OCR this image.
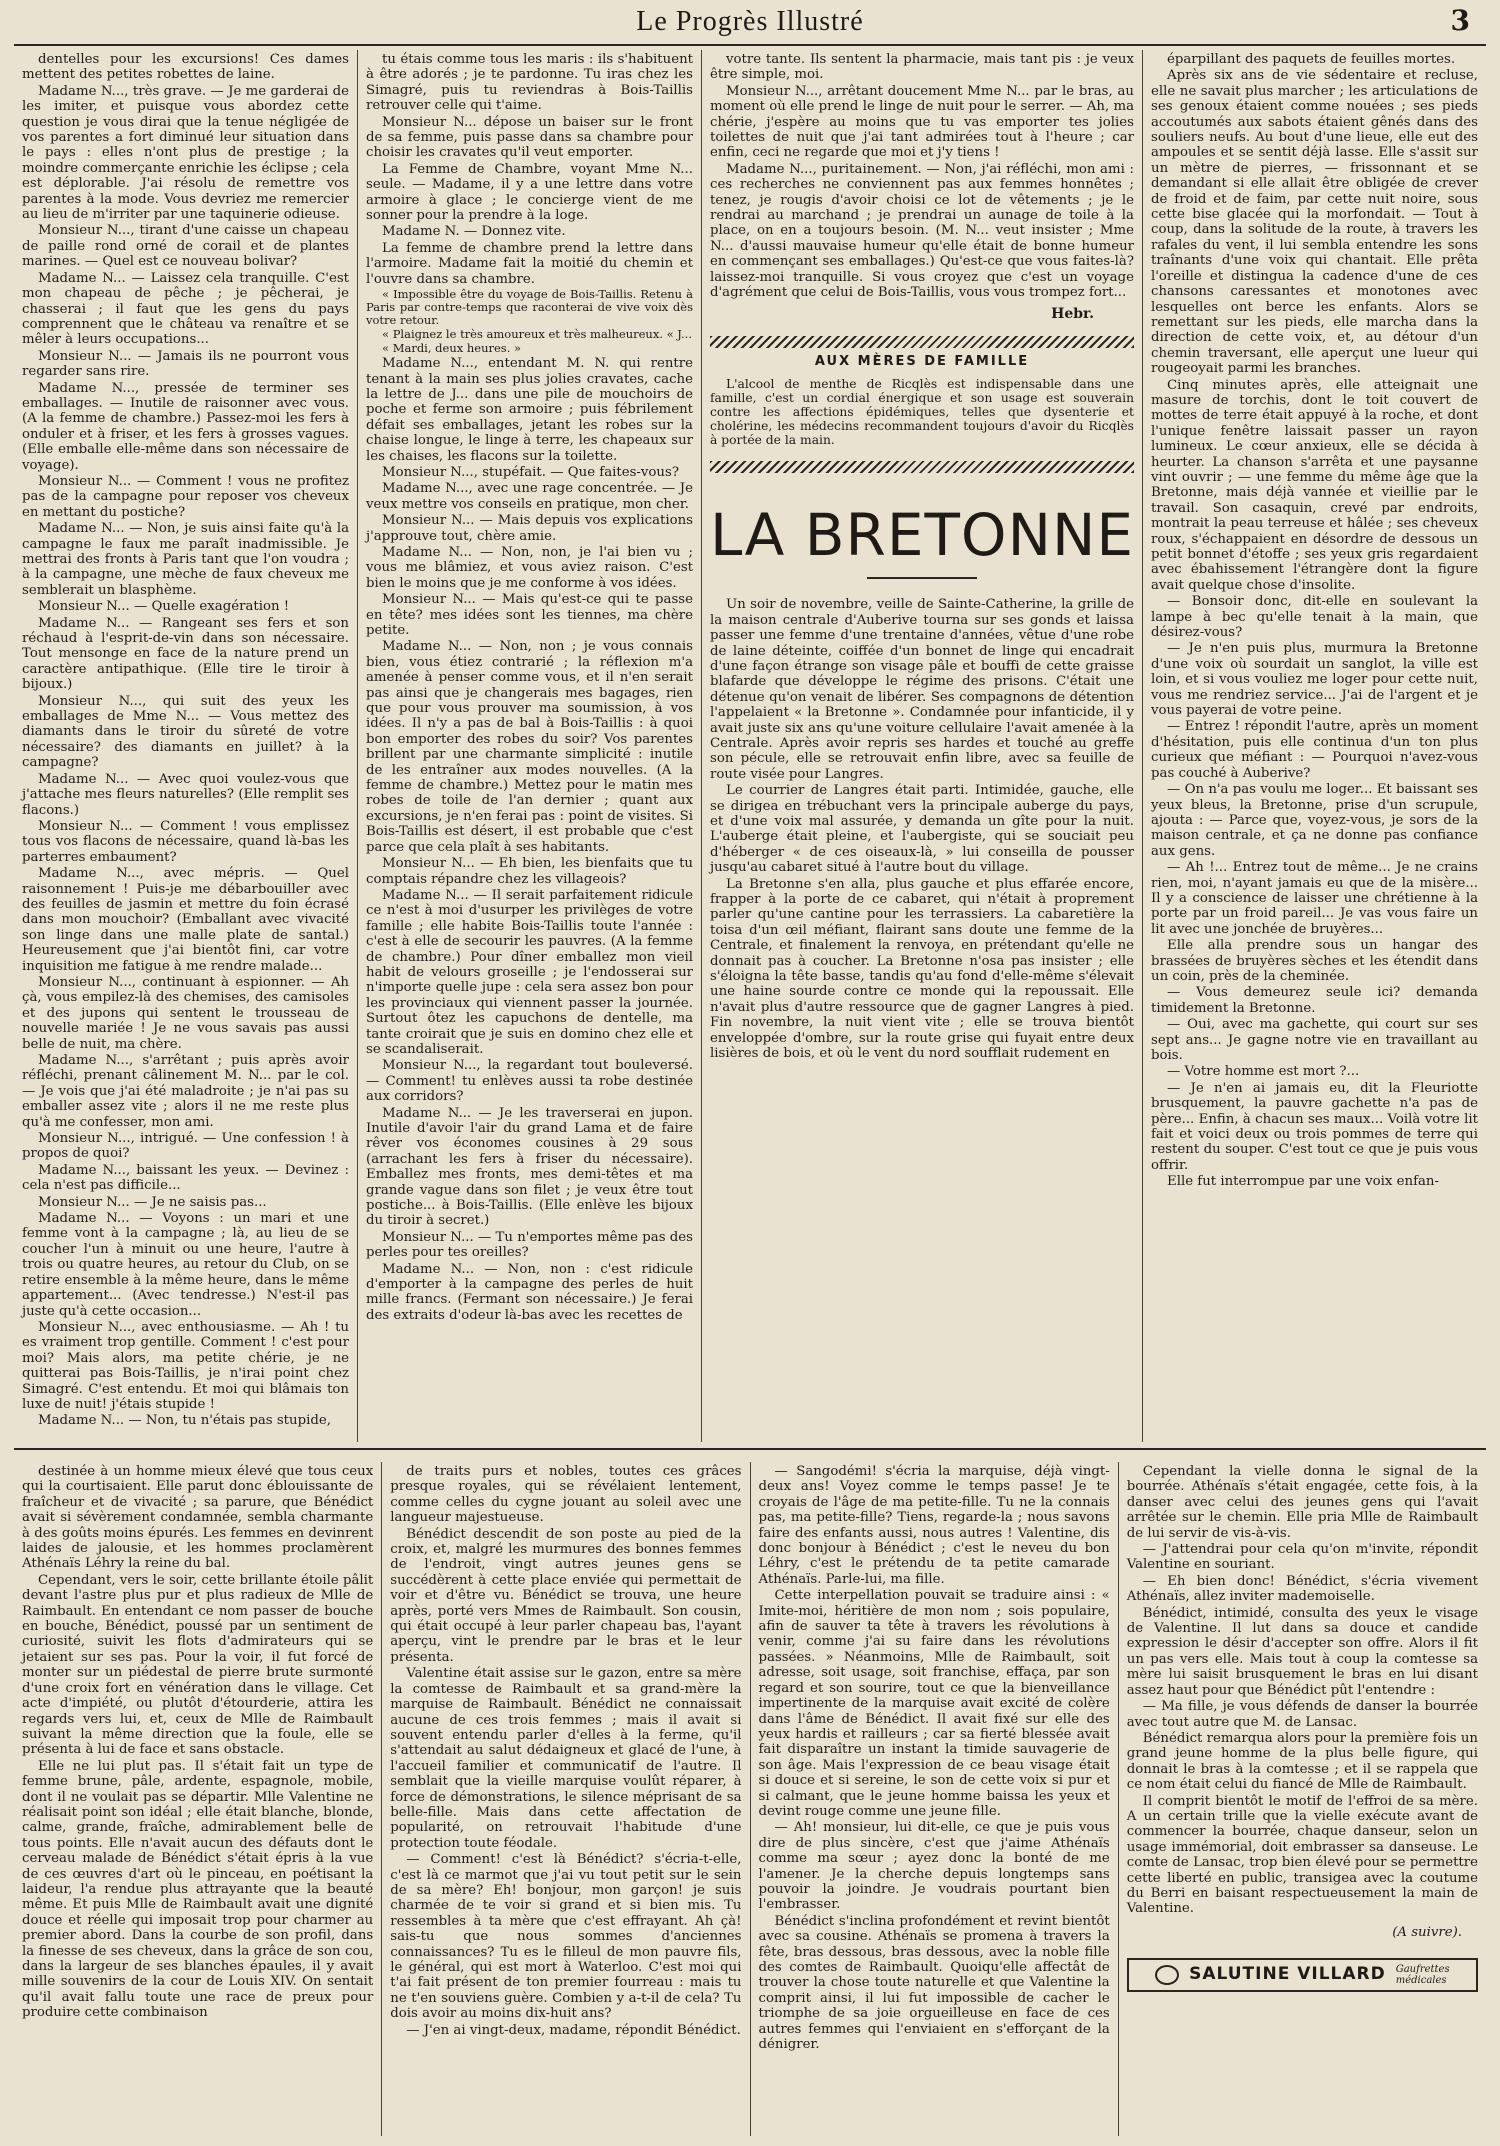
Le Progrès Illustré	3

dentelles pour les excursions! Ces dames mettent des petites robettes de laine.

Madame N..., très grave. — Je me garderai de les imiter, et puisque vous abordez cette question je vous dirai que la tenue négligée de vos parentes a fort diminué leur situation dans le pays : elles n'ont plus de prestige ; la moindre commerçante enrichie les éclipse ; cela est déplorable. J'ai résolu de remettre vos parentes à la mode. Vous devriez me remercier au lieu de m'irriter par une taquinerie odieuse.

Monsieur N..., tirant d'une caisse un chapeau de paille rond orné de corail et de plantes marines. — Quel est ce nouveau bolivar?

Madame N... — Laissez cela tranquille. C'est mon chapeau de pêche ; je pêcherai, je chasserai ; il faut que les gens du pays comprennent que le château va renaître et se mêler à leurs occupations...

Monsieur N... — Jamais ils ne pourront vous regarder sans rire.

Madame N..., pressée de terminer ses emballages. — Inutile de raisonner avec vous. (A la femme de chambre.) Passez-moi les fers à onduler et à friser, et les fers à grosses vagues. (Elle emballe elle-même dans son nécessaire de voyage).

Monsieur N... — Comment ! vous ne profitez pas de la campagne pour reposer vos cheveux en mettant du postiche?

Madame N... — Non, je suis ainsi faite qu'à la campagne le faux me paraît inadmissible. Je mettrai des fronts à Paris tant que l'on voudra ; à la campagne, une mèche de faux cheveux me semblerait un blasphème.

Monsieur N... — Quelle exagération !

Madame N... — Rangeant ses fers et son réchaud à l'esprit-de-vin dans son nécessaire. Tout mensonge en face de la nature prend un caractère antipathique. (Elle tire le tiroir à bijoux.)

Monsieur N..., qui suit des yeux les emballages de Mme N... — Vous mettez des diamants dans le tiroir du sûreté de votre nécessaire? des diamants en juillet? à la campagne?

Madame N... — Avec quoi voulez-vous que j'attache mes fleurs naturelles? (Elle remplit ses flacons.)

Monsieur N... — Comment ! vous emplissez tous vos flacons de nécessaire, quand là-bas les parterres embaument?

Madame N..., avec mépris. — Quel raisonnement ! Puis-je me débarbouiller avec des feuilles de jasmin et mettre du foin écrasé dans mon mouchoir? (Emballant avec vivacité son linge dans une malle plate de santal.) Heureusement que j'ai bientôt fini, car votre inquisition me fatigue à me rendre malade...

Monsieur N..., continuant à espionner. — Ah çà, vous empilez-là des chemises, des camisoles et des jupons qui sentent le trousseau de nouvelle mariée ! Je ne vous savais pas aussi belle de nuit, ma chère.

Madame N..., s'arrêtant ; puis après avoir réfléchi, prenant câlinement M. N... par le col. — Je vois que j'ai été maladroite ; je n'ai pas su emballer assez vite ; alors il ne me reste plus qu'à me confesser, mon ami.

Monsieur N..., intrigué. — Une confession ! à propos de quoi?

Madame N..., baissant les yeux. — Devinez : cela n'est pas difficile...

Monsieur N... — Je ne saisis pas...

Madame N... — Voyons : un mari et une femme vont à la campagne ; là, au lieu de se coucher l'un à minuit ou une heure, l'autre à trois ou quatre heures, au retour du Club, on se retire ensemble à la même heure, dans le même appartement... (Avec tendresse.) N'est-il pas juste qu'à cette occasion...

Monsieur N..., avec enthousiasme. — Ah ! tu es vraiment trop gentille. Comment ! c'est pour moi? Mais alors, ma petite chérie, je ne quitterai pas Bois-Taillis, je n'irai point chez Simagré. C'est entendu. Et moi qui blâmais ton luxe de nuit! j'étais stupide !

Madame N... — Non, tu n'étais pas stupide,

tu étais comme tous les maris : ils s'habituent à être adorés ; je te pardonne. Tu iras chez les Simagré, puis tu reviendras à Bois-Taillis retrouver celle qui t'aime.

Monsieur N... dépose un baiser sur le front de sa femme, puis passe dans sa chambre pour choisir les cravates qu'il veut emporter.

La Femme de Chambre, voyant Mme N... seule. — Madame, il y a une lettre dans votre armoire à glace ; le concierge vient de me sonner pour la prendre à la loge.

Madame N. — Donnez vite.

La femme de chambre prend la lettre dans l'armoire. Madame fait la moitié du chemin et l'ouvre dans sa chambre.

« Impossible être du voyage de Bois-Taillis. Retenu à Paris par contre-temps que raconterai de vive voix dès votre retour.

« Plaignez le très amoureux et très malheureux. « J...

« Mardi, deux heures. »

Madame N..., entendant M. N. qui rentre tenant à la main ses plus jolies cravates, cache la lettre de J... dans une pile de mouchoirs de poche et ferme son armoire ; puis fébrilement défait ses emballages, jetant les robes sur la chaise longue, le linge à terre, les chapeaux sur les chaises, les flacons sur la toilette.

Monsieur N..., stupéfait. — Que faites-vous?

Madame N..., avec une rage concentrée. — Je veux mettre vos conseils en pratique, mon cher.

Monsieur N... — Mais depuis vos explications j'approuve tout, chère amie.

Madame N... — Non, non, je l'ai bien vu ; vous me blâmiez, et vous aviez raison. C'est bien le moins que je me conforme à vos idées.

Monsieur N... — Mais qu'est-ce qui te passe en tête? mes idées sont les tiennes, ma chère petite.

Madame N... — Non, non ; je vous connais bien, vous étiez contrarié ; la réflexion m'a amenée à penser comme vous, et il n'en serait pas ainsi que je changerais mes bagages, rien que pour vous prouver ma soumission, à vos idées. Il n'y a pas de bal à Bois-Taillis : à quoi bon emporter des robes du soir? Vos parentes brillent par une charmante simplicité : inutile de les entraîner aux modes nouvelles. (A la femme de chambre.) Mettez pour le matin mes robes de toile de l'an dernier ; quant aux excursions, je n'en ferai pas : point de visites. Si Bois-Taillis est désert, il est probable que c'est parce que cela plaît à ses habitants.

Monsieur N... — Eh bien, les bienfaits que tu comptais répandre chez les villageois?

Madame N... — Il serait parfaitement ridicule ce n'est à moi d'usurper les privilèges de votre famille ; elle habite Bois-Taillis toute l'année : c'est à elle de secourir les pauvres. (A la femme de chambre.) Pour dîner emballez mon vieil habit de velours groseille ; je l'endosserai sur n'importe quelle jupe : cela sera assez bon pour les provinciaux qui viennent passer la journée. Surtout ôtez les capuchons de dentelle, ma tante croirait que je suis en domino chez elle et se scandaliserait.

Monsieur N..., la regardant tout bouleversé. — Comment! tu enlèves aussi ta robe destinée aux corridors?

Madame N... — Je les traverserai en jupon. Inutile d'avoir l'air du grand Lama et de faire rêver vos économes cousines à 29 sous (arrachant les fers à friser du nécessaire). Emballez mes fronts, mes demi-têtes et ma grande vague dans son filet ; je veux être tout postiche... à Bois-Taillis. (Elle enlève les bijoux du tiroir à secret.)

Monsieur N... — Tu n'emportes même pas des perles pour tes oreilles?

Madame N... — Non, non : c'est ridicule d'emporter à la campagne des perles de huit mille francs. (Fermant son nécessaire.) Je ferai des extraits d'odeur là-bas avec les recettes de

votre tante. Ils sentent la pharmacie, mais tant pis : je veux être simple, moi.

Monsieur N..., arrêtant doucement Mme N... par le bras, au moment où elle prend le linge de nuit pour le serrer. — Ah, ma chérie, j'espère au moins que tu vas emporter tes jolies toilettes de nuit que j'ai tant admirées tout à l'heure ; car enfin, ceci ne regarde que moi et j'y tiens !

Madame N..., puritainement. — Non, j'ai réfléchi, mon ami : ces recherches ne conviennent pas aux femmes honnêtes ; tenez, je rougis d'avoir choisi ce lot de vêtements ; je le rendrai au marchand ; je prendrai un aunage de toile à la place, on en a toujours besoin. (M. N... veut insister ; Mme N... d'aussi mauvaise humeur qu'elle était de bonne humeur en commençant ses emballages.) Qu'est-ce que vous faites-là? laissez-moi tranquille. Si vous croyez que c'est un voyage d'agrément que celui de Bois-Taillis, vous vous trompez fort...

Hebr.
AUX MÈRES DE FAMILLE

L'alcool de menthe de Ricqlès est indispensable dans une famille, c'est un cordial énergique et son usage est souverain contre les affections épidémiques, telles que dysenterie et cholérine, les médecins recommandent toujours d'avoir du Ricqlès à portée de la main.

LA BRETONNE

Un soir de novembre, veille de Sainte-Catherine, la grille de la maison centrale d'Auberive tourna sur ses gonds et laissa passer une femme d'une trentaine d'années, vêtue d'une robe de laine déteinte, coiffée d'un bonnet de linge qui encadrait d'une façon étrange son visage pâle et bouffi de cette graisse blafarde que développe le régime des prisons. C'était une détenue qu'on venait de libérer. Ses compagnons de détention l'appelaient « la Bretonne ». Condamnée pour infanticide, il y avait juste six ans qu'une voiture cellulaire l'avait amenée à la Centrale. Après avoir repris ses hardes et touché au greffe son pécule, elle se retrouvait enfin libre, avec sa feuille de route visée pour Langres.

Le courrier de Langres était parti. Intimidée, gauche, elle se dirigea en trébuchant vers la principale auberge du pays, et d'une voix mal assurée, y demanda un gîte pour la nuit. L'auberge était pleine, et l'aubergiste, qui se souciait peu d'héberger « de ces oiseaux-là, » lui conseilla de pousser jusqu'au cabaret situé à l'autre bout du village.

La Bretonne s'en alla, plus gauche et plus effarée encore, frapper à la porte de ce cabaret, qui n'était à proprement parler qu'une cantine pour les terrassiers. La cabaretière la toisa d'un œil méfiant, flairant sans doute une femme de la Centrale, et finalement la renvoya, en prétendant qu'elle ne donnait pas à coucher. La Bretonne n'osa pas insister ; elle s'éloigna la tête basse, tandis qu'au fond d'elle-même s'élevait une haine sourde contre ce monde qui la repoussait. Elle n'avait plus d'autre ressource que de gagner Langres à pied. Fin novembre, la nuit vient vite ; elle se trouva bientôt enveloppée d'ombre, sur la route grise qui fuyait entre deux lisières de bois, et où le vent du nord soufflait rudement en

éparpillant des paquets de feuilles mortes.

Après six ans de vie sédentaire et recluse, elle ne savait plus marcher ; les articulations de ses genoux étaient comme nouées ; ses pieds accoutumés aux sabots étaient gênés dans des souliers neufs. Au bout d'une lieue, elle eut des ampoules et se sentit déjà lasse. Elle s'assit sur un mètre de pierres, — frissonnant et se demandant si elle allait être obligée de crever de froid et de faim, par cette nuit noire, sous cette bise glacée qui la morfondait. — Tout à coup, dans la solitude de la route, à travers les rafales du vent, il lui sembla entendre les sons traînants d'une voix qui chantait. Elle prêta l'oreille et distingua la cadence d'une de ces chansons caressantes et monotones avec lesquelles ont berce les enfants. Alors se remettant sur les pieds, elle marcha dans la direction de cette voix, et, au détour d'un chemin traversant, elle aperçut une lueur qui rougeoyait parmi les branches.

Cinq minutes après, elle atteignait une masure de torchis, dont le toit couvert de mottes de terre était appuyé à la roche, et dont l'unique fenêtre laissait passer un rayon lumineux. Le cœur anxieux, elle se décida à heurter. La chanson s'arrêta et une paysanne vint ouvrir ; — une femme du même âge que la Bretonne, mais déjà vannée et vieillie par le travail. Son casaquin, crevé par endroits, montrait la peau terreuse et hâlée ; ses cheveux roux, s'échappaient en désordre de dessous un petit bonnet d'étoffe ; ses yeux gris regardaient avec ébahissement l'étrangère dont la figure avait quelque chose d'insolite.

— Bonsoir donc, dit-elle en soulevant la lampe à bec qu'elle tenait à la main, que désirez-vous?

— Je n'en puis plus, murmura la Bretonne d'une voix où sourdait un sanglot, la ville est loin, et si vous vouliez me loger pour cette nuit, vous me rendriez service... J'ai de l'argent et je vous payerai de votre peine.

— Entrez ! répondit l'autre, après un moment d'hésitation, puis elle continua d'un ton plus curieux que méfiant : — Pourquoi n'avez-vous pas couché à Auberive?

— On n'a pas voulu me loger... Et baissant ses yeux bleus, la Bretonne, prise d'un scrupule, ajouta : — Parce que, voyez-vous, je sors de la maison centrale, et ça ne donne pas confiance aux gens.

— Ah !... Entrez tout de même... Je ne crains rien, moi, n'ayant jamais eu que de la misère... Il y a conscience de laisser une chrétienne à la porte par un froid pareil... Je vas vous faire un lit avec une jonchée de bruyères...

Elle alla prendre sous un hangar des brassées de bruyères sèches et les étendit dans un coin, près de la cheminée.

— Vous demeurez seule ici? demanda timidement la Bretonne.

— Oui, avec ma gachette, qui court sur ses sept ans... Je gagne notre vie en travaillant au bois.

— Votre homme est mort ?...

— Je n'en ai jamais eu, dit la Fleuriotte brusquement, la pauvre gachette n'a pas de père... Enfin, à chacun ses maux... Voilà votre lit fait et voici deux ou trois pommes de terre qui restent du souper. C'est tout ce que je puis vous offrir.

Elle fut interrompue par une voix enfan-

destinée à un homme mieux élevé que tous ceux qui la courtisaient. Elle parut donc éblouissante de fraîcheur et de vivacité ; sa parure, que Bénédict avait si sévèrement condamnée, sembla charmante à des goûts moins épurés. Les femmes en devinrent laides de jalousie, et les hommes proclamèrent Athénaïs Léhry la reine du bal.

Cependant, vers le soir, cette brillante étoile pâlit devant l'astre plus pur et plus radieux de Mlle de Raimbault. En entendant ce nom passer de bouche en bouche, Bénédict, poussé par un sentiment de curiosité, suivit les flots d'admirateurs qui se jetaient sur ses pas. Pour la voir, il fut forcé de monter sur un piédestal de pierre brute surmonté d'une croix fort en vénération dans le village. Cet acte d'impiété, ou plutôt d'étourderie, attira les regards vers lui, et, ceux de Mlle de Raimbault suivant la même direction que la foule, elle se présenta à lui de face et sans obstacle.

Elle ne lui plut pas. Il s'était fait un type de femme brune, pâle, ardente, espagnole, mobile, dont il ne voulait pas se départir. Mlle Valentine ne réalisait point son idéal ; elle était blanche, blonde, calme, grande, fraîche, admirablement belle de tous points. Elle n'avait aucun des défauts dont le cerveau malade de Bénédict s'était épris à la vue de ces œuvres d'art où le pinceau, en poétisant la laideur, l'a rendue plus attrayante que la beauté même. Et puis Mlle de Raimbault avait une dignité douce et réelle qui imposait trop pour charmer au premier abord. Dans la courbe de son profil, dans la finesse de ses cheveux, dans la grâce de son cou, dans la largeur de ses blanches épaules, il y avait mille souvenirs de la cour de Louis XIV. On sentait qu'il avait fallu toute une race de preux pour produire cette combinaison

de traits purs et nobles, toutes ces grâces presque royales, qui se révélaient lentement, comme celles du cygne jouant au soleil avec une langueur majestueuse.

Bénédict descendit de son poste au pied de la croix, et, malgré les murmures des bonnes femmes de l'endroit, vingt autres jeunes gens se succédèrent à cette place enviée qui permettait de voir et d'être vu. Bénédict se trouva, une heure après, porté vers Mmes de Raimbault. Son cousin, qui était occupé à leur parler chapeau bas, l'ayant aperçu, vint le prendre par le bras et le leur présenta.

Valentine était assise sur le gazon, entre sa mère la comtesse de Raimbault et sa grand-mère la marquise de Raimbault. Bénédict ne connaissait aucune de ces trois femmes ; mais il avait si souvent entendu parler d'elles à la ferme, qu'il s'attendait au salut dédaigneux et glacé de l'une, à l'accueil familier et communicatif de l'autre. Il semblait que la vieille marquise voulût réparer, à force de démonstrations, le silence méprisant de sa belle-fille. Mais dans cette affectation de popularité, on retrouvait l'habitude d'une protection toute féodale.

— Comment! c'est là Bénédict? s'écria-t-elle, c'est là ce marmot que j'ai vu tout petit sur le sein de sa mère? Eh! bonjour, mon garçon! je suis charmée de te voir si grand et si bien mis. Tu ressembles à ta mère que c'est effrayant. Ah çà! sais-tu que nous sommes d'anciennes connaissances? Tu es le filleul de mon pauvre fils, le général, qui est mort à Waterloo. C'est moi qui t'ai fait présent de ton premier fourreau : mais tu ne t'en souviens guère. Combien y a-t-il de cela? Tu dois avoir au moins dix-huit ans?

— J'en ai vingt-deux, madame, répondit Bénédict.

— Sangodémi! s'écria la marquise, déjà vingt-deux ans! Voyez comme le temps passe! Je te croyais de l'âge de ma petite-fille. Tu ne la connais pas, ma petite-fille? Tiens, regarde-la ; nous savons faire des enfants aussi, nous autres ! Valentine, dis donc bonjour à Bénédict ; c'est le neveu du bon Léhry, c'est le prétendu de ta petite camarade Athénaïs. Parle-lui, ma fille.

Cette interpellation pouvait se traduire ainsi : « Imite-moi, héritière de mon nom ; sois populaire, afin de sauver ta tête à travers les révolutions à venir, comme j'ai su faire dans les révolutions passées. » Néanmoins, Mlle de Raimbault, soit adresse, soit usage, soit franchise, effaça, par son regard et son sourire, tout ce que la bienveillance impertinente de la marquise avait excité de colère dans l'âme de Bénédict. Il avait fixé sur elle des yeux hardis et railleurs ; car sa fierté blessée avait fait disparaître un instant la timide sauvagerie de son âge. Mais l'expression de ce beau visage était si douce et si sereine, le son de cette voix si pur et si calmant, que le jeune homme baissa les yeux et devint rouge comme une jeune fille.

— Ah! monsieur, lui dit-elle, ce que je puis vous dire de plus sincère, c'est que j'aime Athénaïs comme ma sœur ; ayez donc la bonté de me l'amener. Je la cherche depuis longtemps sans pouvoir la joindre. Je voudrais pourtant bien l'embrasser.

Bénédict s'inclina profondément et revint bientôt avec sa cousine. Athénaïs se promena à travers la fête, bras dessous, bras dessous, avec la noble fille des comtes de Raimbault. Quoiqu'elle affectât de trouver la chose toute naturelle et que Valentine la comprit ainsi, il lui fut impossible de cacher le triomphe de sa joie orgueilleuse en face de ces autres femmes qui l'enviaient en s'efforçant de la dénigrer.

Cependant la vielle donna le signal de la bourrée. Athénaïs s'était engagée, cette fois, à la danser avec celui des jeunes gens qui l'avait arrêtée sur le chemin. Elle pria Mlle de Raimbault de lui servir de vis-à-vis.

— J'attendrai pour cela qu'on m'invite, répondit Valentine en souriant.

— Eh bien donc! Bénédict, s'écria vivement Athénaïs, allez inviter mademoiselle.

Bénédict, intimidé, consulta des yeux le visage de Valentine. Il lut dans sa douce et candide expression le désir d'accepter son offre. Alors il fit un pas vers elle. Mais tout à coup la comtesse sa mère lui saisit brusquement le bras en lui disant assez haut pour que Bénédict pût l'entendre :

— Ma fille, je vous défends de danser la bourrée avec tout autre que M. de Lansac.

Bénédict remarqua alors pour la première fois un grand jeune homme de la plus belle figure, qui donnait le bras à la comtesse ; et il se rappela que ce nom était celui du fiancé de Mlle de Raimbault.

Il comprit bientôt le motif de l'effroi de sa mère. A un certain trille que la vielle exécute avant de commencer la bourrée, chaque danseur, selon un usage immémorial, doit embrasser sa danseuse. Le comte de Lansac, trop bien élevé pour se permettre cette liberté en public, transigea avec la coutume du Berri en baisant respectueusement la main de Valentine.

(A suivre).
SALUTINE VILLARD Gaufrettes
médicales
